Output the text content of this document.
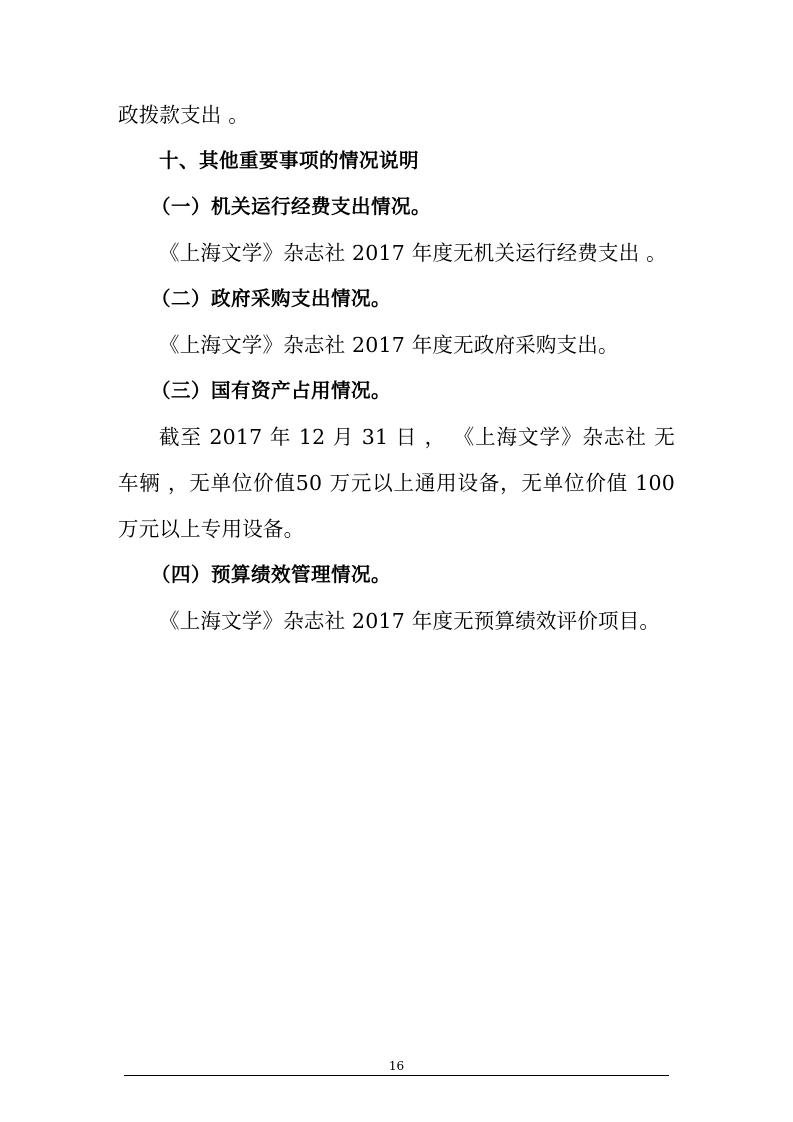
政拨款支出 。

十、其他重要事项的情况说明

（一）机关运行经费支出情况。

《上海文学》杂志社 2017 年度无机关运行经费支出 。

（二）政府采购支出情况。

《上海文学》杂志社 2017 年度无政府采购支出。

（三）国有资产占用情况。

截至 2017 年 12 月 31 日 ， 《上海文学》杂志社 无车辆 ，无单位价值50 万元以上通用设备，无单位价值 100 万元以上专用设备。

（四）预算绩效管理情况。

《上海文学》杂志社 2017 年度无预算绩效评价项目。

16
